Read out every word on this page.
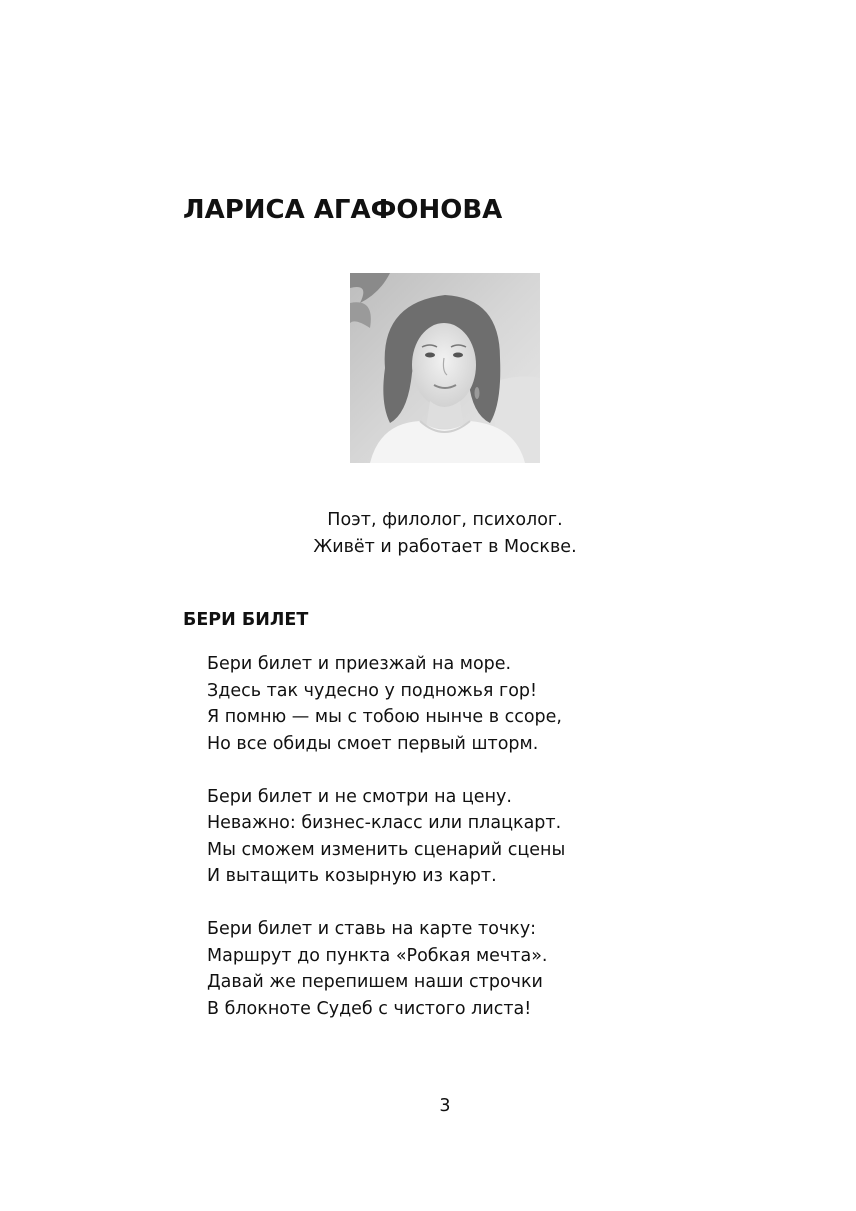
ЛАРИСА АГАФОНОВА
Поэт, филолог, психолог.
Живёт и работает в Москве.
БЕРИ БИЛЕТ
Бери билет и приезжай на море.
Здесь так чудесно у подножья гор!
Я помню — мы с тобою нынче в ссоре,
Но все обиды смоет первый шторм.
Бери билет и не смотри на цену.
Неважно: бизнес-класс или плацкарт.
Мы сможем изменить сценарий сцены
И вытащить козырную из карт.
Бери билет и ставь на карте точку:
Маршрут до пункта «Робкая мечта».
Давай же перепишем наши строчки
В блокноте Судеб с чистого листа!
3
